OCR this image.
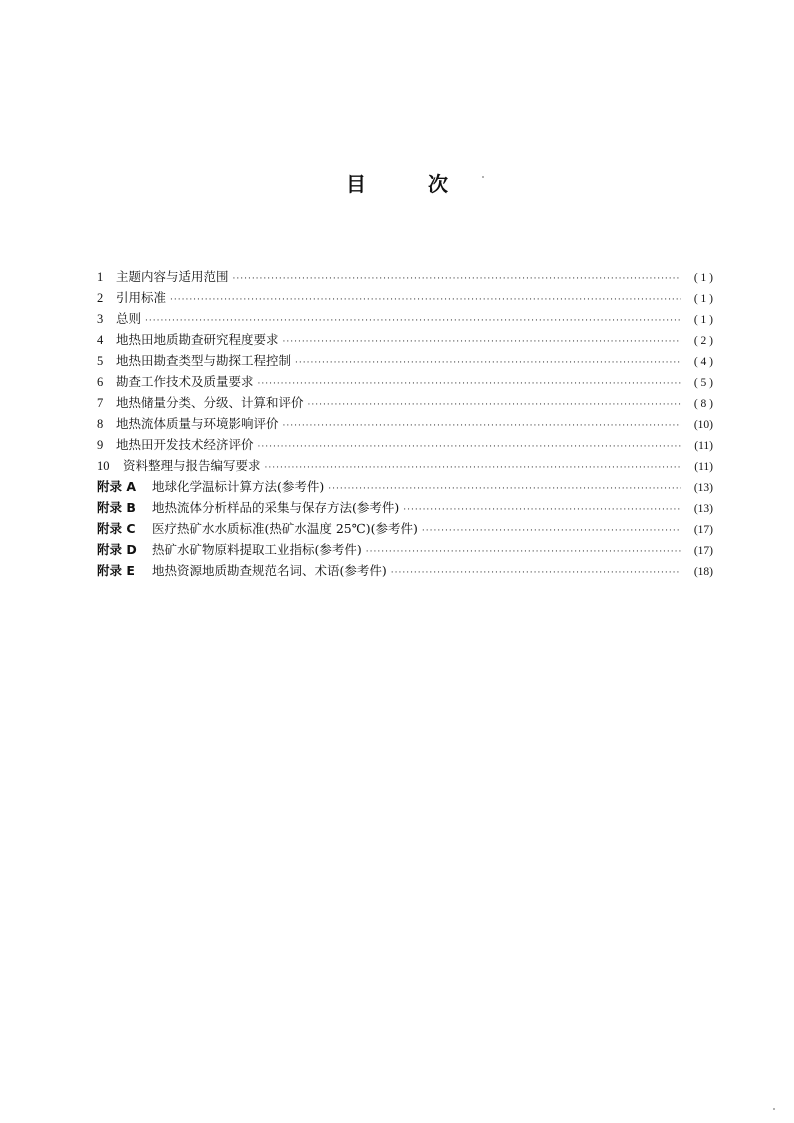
目	次
1	主题内容与适用范围 ·····	( 1 )
2	引用标准 ·····	( 1 )
3	总则 ·····	( 1 )
4	地热田地质勘查研究程度要求 ·····	( 2 )
5	地热田勘查类型与勘探工程控制 ·····	( 4 )
6	勘查工作技术及质量要求 ·····	( 5 )
7	地热储量分类、分级、计算和评价 ·····	( 8 )
8	地热流体质量与环境影响评价 ·····	(10)
9	地热田开发技术经济评价 ·····	(11)
10	资料整理与报告编写要求 ·····	(11)
附录 A	地球化学温标计算方法(参考件) ·····	(13)
附录 B	地热流体分析样品的采集与保存方法(参考件) ·····	(13)
附录 C	医疗热矿水水质标准(热矿水温度 25℃)(参考件) ·····	(17)
附录 D	热矿水矿物原料提取工业指标(参考件) ·····	(17)
附录 E	地热资源地质勘查规范名词、术语(参考件) ·····	(18)
